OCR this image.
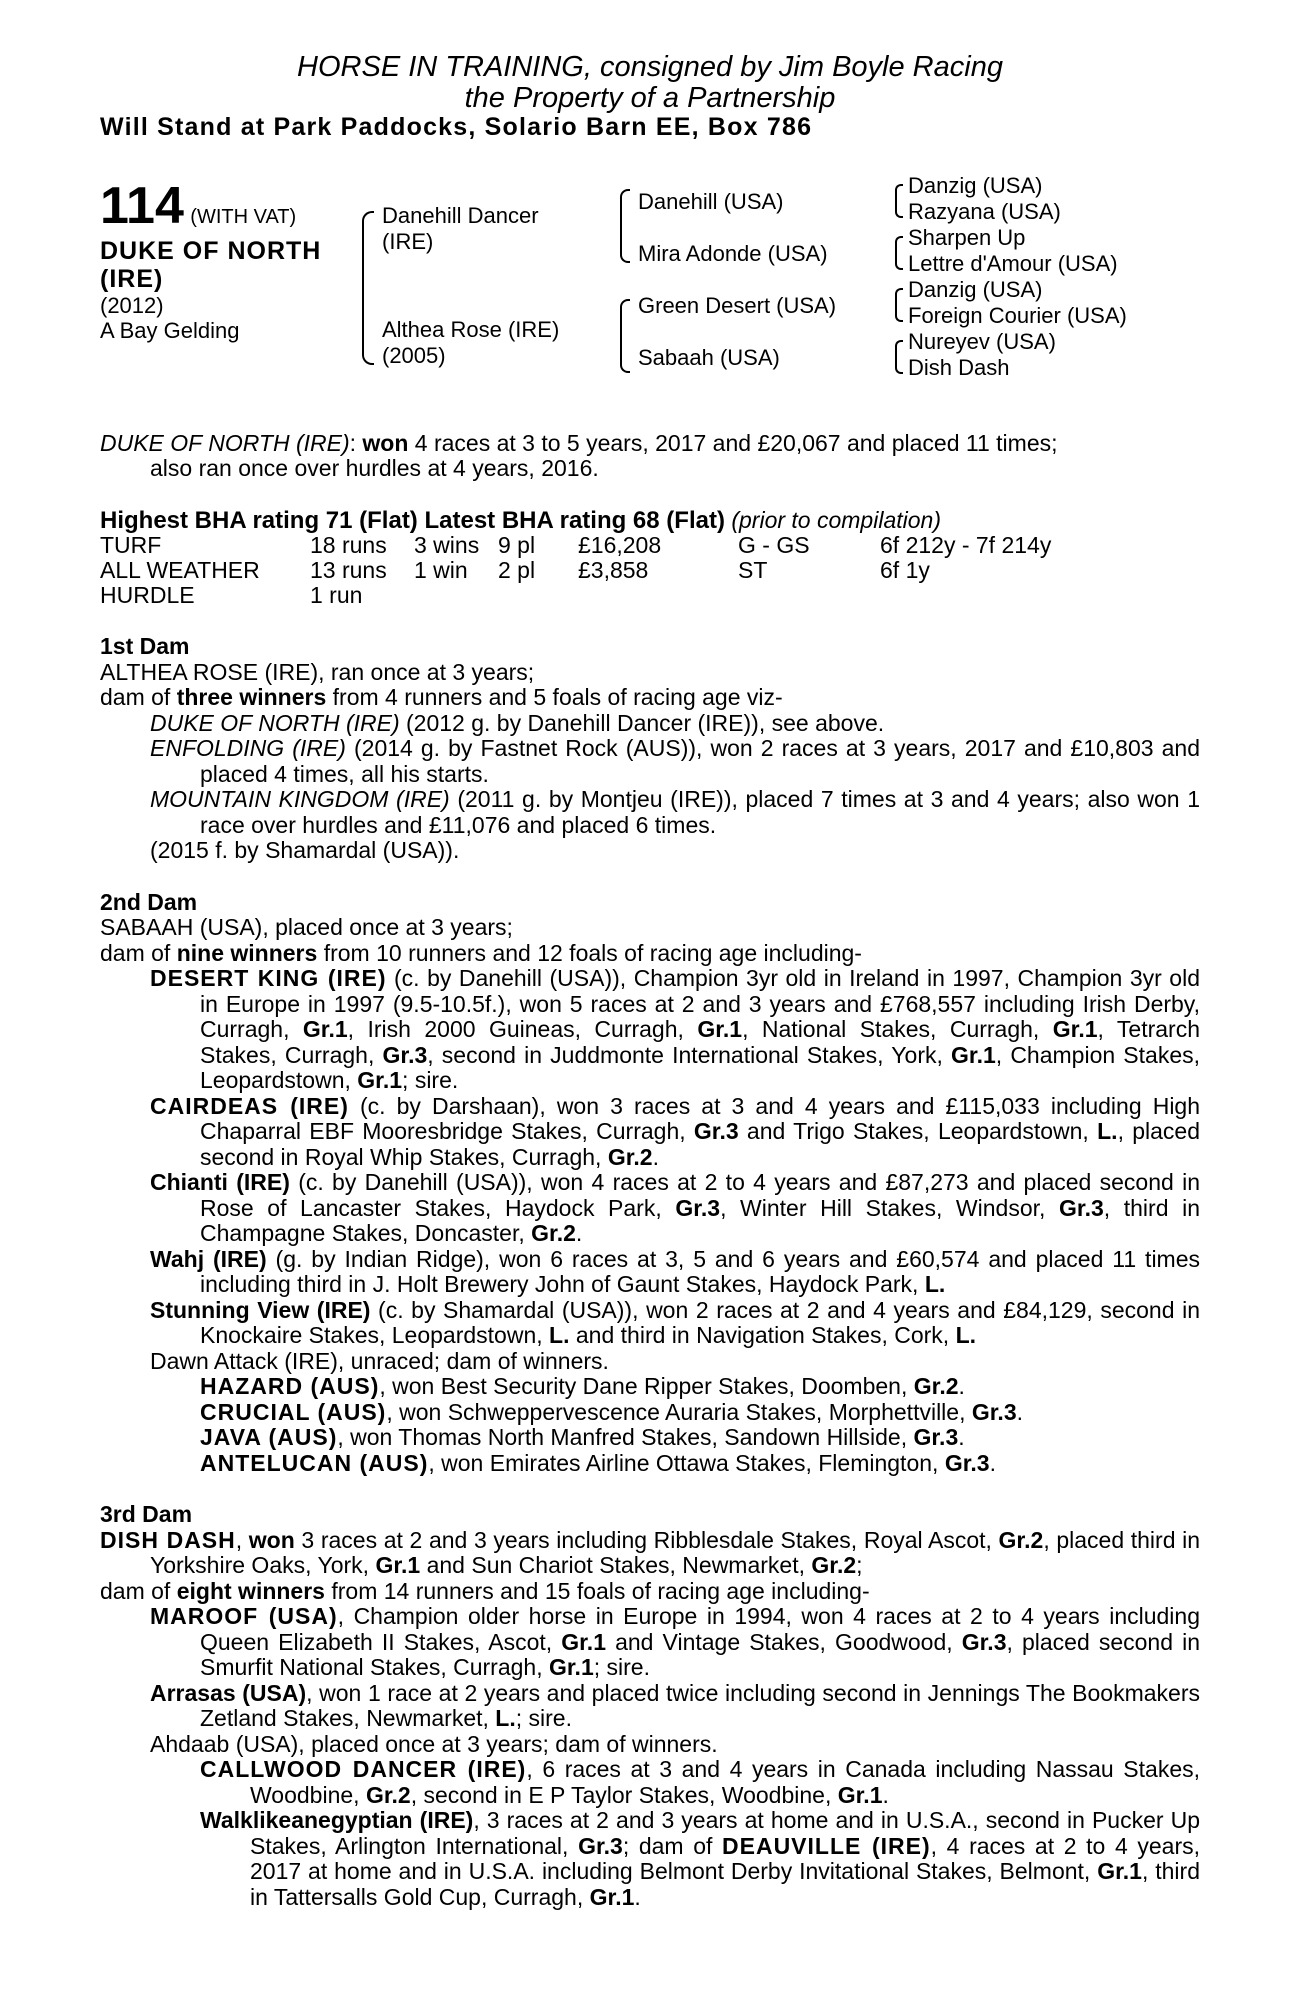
HORSE IN TRAINING, consigned by Jim Boyle Racing
the Property of a Partnership
Will Stand at Park Paddocks, Solario Barn EE, Box 786
114 (WITH VAT)
DUKE OF NORTH
(IRE)
(2012)
A Bay Gelding
Danehill Dancer
(IRE)
Althea Rose (IRE)
(2005)
Danehill (USA)
Mira Adonde (USA)
Green Desert (USA)
Sabaah (USA)
Danzig (USA)
Razyana (USA)
Sharpen Up
Lettre d'Amour (USA)
Danzig (USA)
Foreign Courier (USA)
Nureyev (USA)
Dish Dash

DUKE OF NORTH (IRE): won 4 races at 3 to 5 years, 2017 and £20,067 and placed 11 times;

also ran once over hurdles at 4 years, 2016.

Highest BHA rating 71 (Flat) Latest BHA rating 68 (Flat) (prior to compilation)

TURF	18 runs	3 wins	9 pl	£16,208	G - GS	6f 212y - 7f 214y
ALL WEATHER	13 runs	1 win	2 pl	£3,858	ST	6f 1y
HURDLE	1 run					
1st Dam

ALTHEA ROSE (IRE), ran once at 3 years;

dam of three winners from 4 runners and 5 foals of racing age viz-

DUKE OF NORTH (IRE) (2012 g. by Danehill Dancer (IRE)), see above.

ENFOLDING (IRE) (2014 g. by Fastnet Rock (AUS)), won 2 races at 3 years, 2017 and £10,803 and placed 4 times, all his starts.

MOUNTAIN KINGDOM (IRE) (2011 g. by Montjeu (IRE)), placed 7 times at 3 and 4 years; also won 1 race over hurdles and £11,076 and placed 6 times.

(2015 f. by Shamardal (USA)).

2nd Dam

SABAAH (USA), placed once at 3 years;

dam of nine winners from 10 runners and 12 foals of racing age including-

DESERT KING (IRE) (c. by Danehill (USA)), Champion 3yr old in Ireland in 1997, Champion 3yr old in Europe in 1997 (9.5-10.5f.), won 5 races at 2 and 3 years and £768,557 including Irish Derby, Curragh, Gr.1, Irish 2000 Guineas, Curragh, Gr.1, National Stakes, Curragh, Gr.1, Tetrarch Stakes, Curragh, Gr.3, second in Juddmonte International Stakes, York, Gr.1, Champion Stakes, Leopardstown, Gr.1; sire.

CAIRDEAS (IRE) (c. by Darshaan), won 3 races at 3 and 4 years and £115,033 including High Chaparral EBF Mooresbridge Stakes, Curragh, Gr.3 and Trigo Stakes, Leopardstown, L., placed second in Royal Whip Stakes, Curragh, Gr.2.

Chianti (IRE) (c. by Danehill (USA)), won 4 races at 2 to 4 years and £87,273 and placed second in Rose of Lancaster Stakes, Haydock Park, Gr.3, Winter Hill Stakes, Windsor, Gr.3, third in Champagne Stakes, Doncaster, Gr.2.

Wahj (IRE) (g. by Indian Ridge), won 6 races at 3, 5 and 6 years and £60,574 and placed 11 times including third in J. Holt Brewery John of Gaunt Stakes, Haydock Park, L.

Stunning View (IRE) (c. by Shamardal (USA)), won 2 races at 2 and 4 years and £84,129, second in Knockaire Stakes, Leopardstown, L. and third in Navigation Stakes, Cork, L.

Dawn Attack (IRE), unraced; dam of winners.

HAZARD (AUS), won Best Security Dane Ripper Stakes, Doomben, Gr.2.

CRUCIAL (AUS), won Schweppervescence Auraria Stakes, Morphettville, Gr.3.

JAVA (AUS), won Thomas North Manfred Stakes, Sandown Hillside, Gr.3.

ANTELUCAN (AUS), won Emirates Airline Ottawa Stakes, Flemington, Gr.3.

3rd Dam

DISH DASH, won 3 races at 2 and 3 years including Ribblesdale Stakes, Royal Ascot, Gr.2, placed third in Yorkshire Oaks, York, Gr.1 and Sun Chariot Stakes, Newmarket, Gr.2;

dam of eight winners from 14 runners and 15 foals of racing age including-

MAROOF (USA), Champion older horse in Europe in 1994, won 4 races at 2 to 4 years including Queen Elizabeth II Stakes, Ascot, Gr.1 and Vintage Stakes, Goodwood, Gr.3, placed second in Smurfit National Stakes, Curragh, Gr.1; sire.

Arrasas (USA), won 1 race at 2 years and placed twice including second in Jennings The Bookmakers Zetland Stakes, Newmarket, L.; sire.

Ahdaab (USA), placed once at 3 years; dam of winners.

CALLWOOD DANCER (IRE), 6 races at 3 and 4 years in Canada including Nassau Stakes, Woodbine, Gr.2, second in E P Taylor Stakes, Woodbine, Gr.1.

Walklikeanegyptian (IRE), 3 races at 2 and 3 years at home and in U.S.A., second in Pucker Up Stakes, Arlington International, Gr.3; dam of DEAUVILLE (IRE), 4 races at 2 to 4 years, 2017 at home and in U.S.A. including Belmont Derby Invitational Stakes, Belmont, Gr.1, third in Tattersalls Gold Cup, Curragh, Gr.1.
